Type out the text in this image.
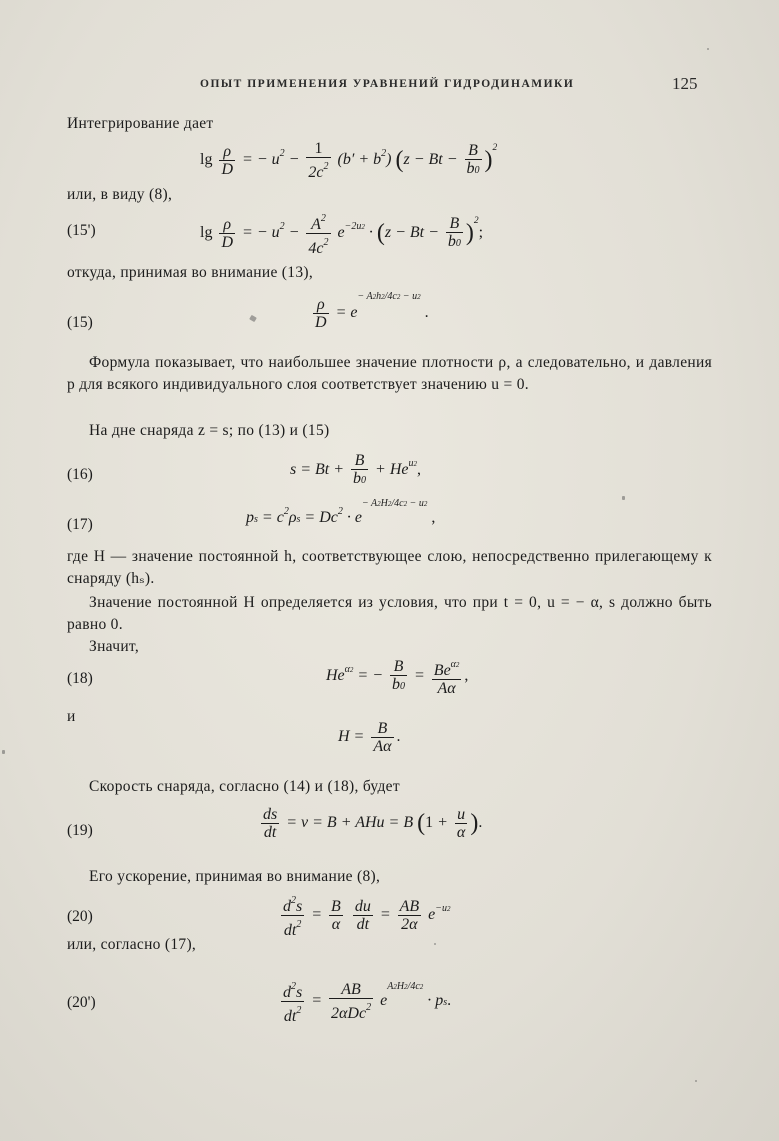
ОПЫТ ПРИМЕНЕНИЯ УРАВНЕНИЙ ГИДРОДИНАМИКИ	125
Интегрирование дает
$\lg \frac{\rho}{D}$ = − $u^2 - \frac{1}{2c^2} (b' + b^2) (z - Bt - \frac{B}{b0} )^2$
или, в виду (8),
(15')	$\lg \frac{\rho}{D}$ = − $u^2 - \frac{A^2}{4c^2} e^{-2u2} \cdot (z - Bt - \frac{B}{b0} )^2$;
откуда, принимая во внимание (13),
(15)	$\frac{\rho}{D} = e^{- A2h2/4c2 - u2}$ .
Формула показывает, что наибольшее значение плотности ρ, а следовательно, и давления p для всякого индивидуального слоя соответствует значению u = 0.
На дне снаряда z = s; по (13) и (15)
(16)	$s = Bt + \frac{B}{b0} + He^{u2}$,
(17)	ps = $c^2\rho s = Dc^2 \cdot e^{- A2H2/4c2 - u2}$ ,
где H — значение постоянной h, соответствующее слою, непосредственно прилегающему к снаряду (hₛ).
Значение постоянной H определяется из условия, что при t = 0, u = − α, s должно быть равно 0.
Значит,
(18)	$He^{\alpha 2}$ = − $\frac{B}{b0} = \frac{Be^{\alpha 2}}{A\alpha}$ ,
и
$H = \frac{B}{A\alpha}$ .
Скорость снаряда, согласно (14) и (18), будет
(19)	$\frac{ds}{dt} = v = B$ + AHu = B ($1 + \frac{u}{\alpha}$ ).
Его ускорение, принимая во внимание (8),
(20)	$\frac{d^2s}{dt^2} = \frac{B}{\alpha}$
$\frac{du}{dt} = \frac{AB}{2\alpha} e^{-u2}$
или, согласно (17),
(20')	$\frac{d^2s}{dt^2} = \frac{AB}{2\alpha Dc^2} e^{A2H2/4c2}$ · ps.
